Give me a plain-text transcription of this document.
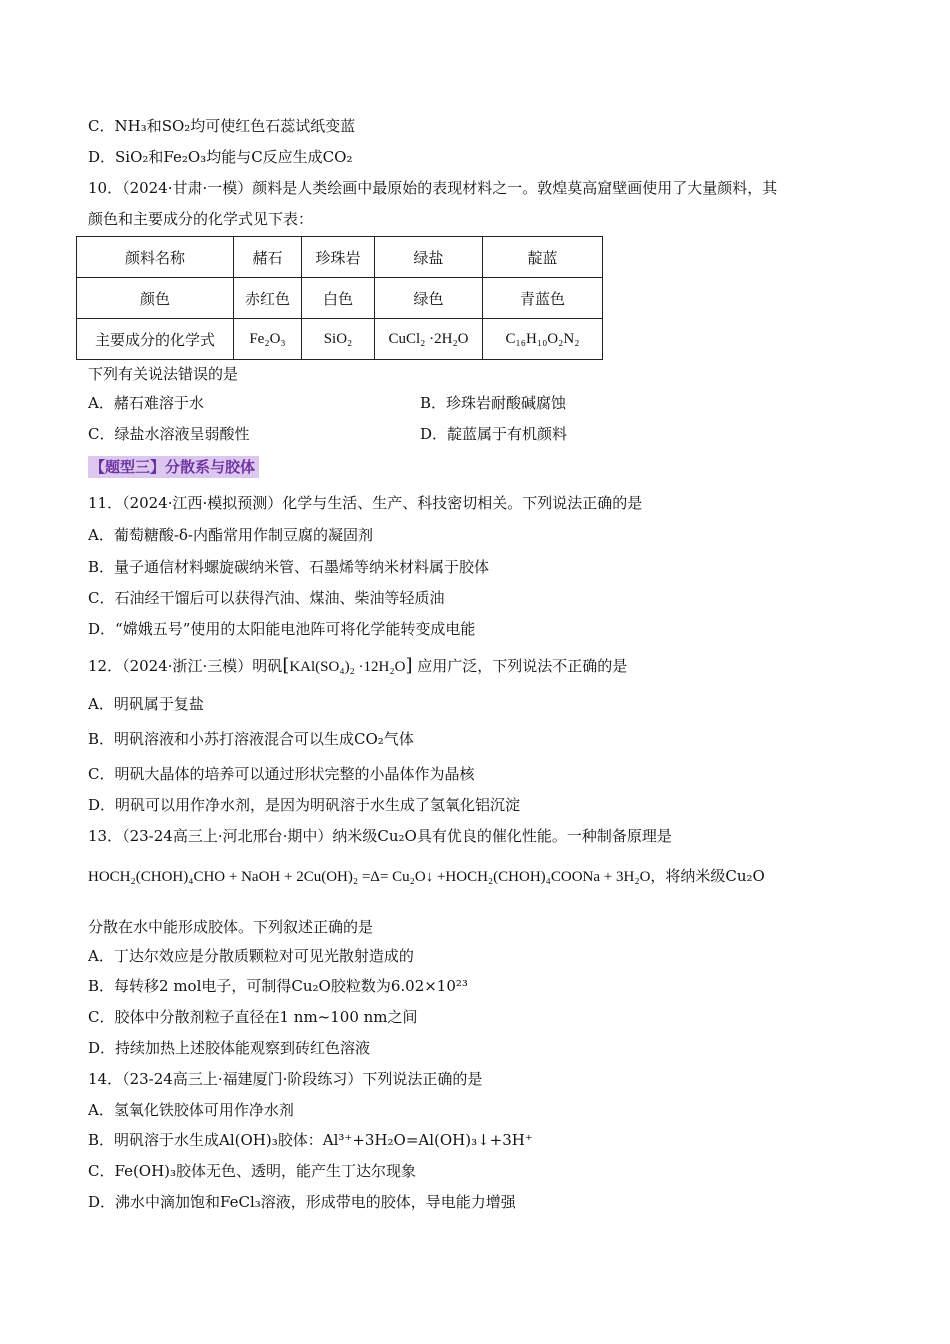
C．NH₃和SO₂均可使红色石蕊试纸变蓝
D．SiO₂和Fe₂O₃均能与C反应生成CO₂
10．（2024·甘肃·一模）颜料是人类绘画中最原始的表现材料之一。敦煌莫高窟壁画使用了大量颜料，其
颜色和主要成分的化学式见下表：
颜料名称	赭石	珍珠岩	绿盐	靛蓝
颜色	赤红色	白色	绿色	青蓝色
主要成分的化学式	Fe₂O₃	SiO₂	CuCl₂ ·2H₂O	C₁₆H₁₀O₂N₂
下列有关说法错误的是
A．赭石难溶于水	B．珍珠岩耐酸碱腐蚀
C．绿盐水溶液呈弱酸性	D．靛蓝属于有机颜料
【题型三】分散系与胶体
11．（2024·江西·模拟预测）化学与生活、生产、科技密切相关。下列说法正确的是
A．葡萄糖酸-δ-内酯常用作制豆腐的凝固剂
B．量子通信材料螺旋碳纳米管、石墨烯等纳米材料属于胶体
C．石油经干馏后可以获得汽油、煤油、柴油等轻质油
D．“嫦娥五号”使用的太阳能电池阵可将化学能转变成电能
12．（2024·浙江·三模）明矾[KAl(SO₄)₂ ·12H₂O] 应用广泛，下列说法不正确的是
A．明矾属于复盐
B．明矾溶液和小苏打溶液混合可以生成CO₂气体
C．明矾大晶体的培养可以通过形状完整的小晶体作为晶核
D．明矾可以用作净水剂，是因为明矾溶于水生成了氢氧化铝沉淀
13．（23-24高三上·河北邢台·期中）纳米级Cu₂O具有优良的催化性能。一种制备原理是
HOCH₂(CHOH)₄CHO + NaOH + 2Cu(OH)₂ =Δ= Cu₂O↓ +HOCH₂(CHOH)₄COONa + 3H₂O，将纳米级Cu₂O
分散在水中能形成胶体。下列叙述正确的是
A．丁达尔效应是分散质颗粒对可见光散射造成的
B．每转移2 mol电子，可制得Cu₂O胶粒数为6.02×10²³
C．胶体中分散剂粒子直径在1 nm~100 nm之间
D．持续加热上述胶体能观察到砖红色溶液
14．（23-24高三上·福建厦门·阶段练习）下列说法正确的是
A．氢氧化铁胶体可用作净水剂
B．明矾溶于水生成Al(OH)₃胶体：Al³⁺+3H₂O=Al(OH)₃↓+3H⁺
C．Fe(OH)₃胶体无色、透明，能产生丁达尔现象
D．沸水中滴加饱和FeCl₃溶液，形成带电的胶体，导电能力增强
